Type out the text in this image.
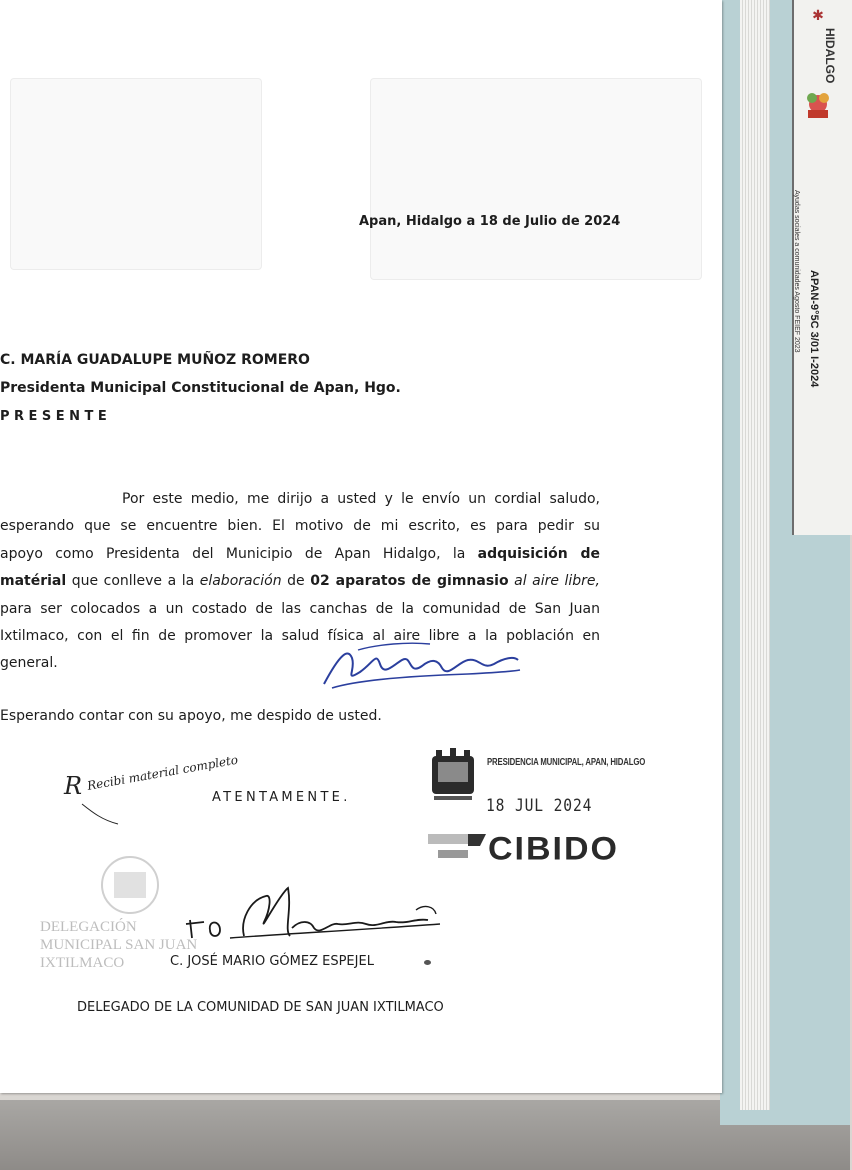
✱
HIDALGO
Ayudas sociales a comunidades Agosto FEIEF 2023 APAN-9°5C 3/01 I-2024
Apan, Hidalgo a 18 de Julio de 2024
C. MARÍA GUADALUPE MUÑOZ ROMERO
Presidenta Municipal Constitucional de Apan, Hgo.
PRESENTE
Por este medio, me dirijo a usted y le envío un cordial saludo,
esperando que se encuentre bien. El motivo de mi escrito, es para pedir su
apoyo como Presidenta del Municipio de Apan Hidalgo, la adquisición de
matérial que conlleve a la elaboración de 02 aparatos de gimnasio al aire libre,
para ser colocados a un costado de las canchas de la comunidad de San Juan
Ixtilmaco, con el fin de promover la salud física al aire libre a la población en
general.
Esperando contar con su apoyo, me despido de usted.
R Recibi material completo
ATENTAMENTE.
PRESIDENCIA MUNICIPAL, APAN, HIDALGO
18 JUL 2024
CIBIDO
DELEGACIÓN MUNICIPAL SAN JUAN IXTILMACO	C. JOSÉ MARIO GÓMEZ ESPEJEL
DELEGADO DE LA COMUNIDAD DE SAN JUAN IXTILMACO
